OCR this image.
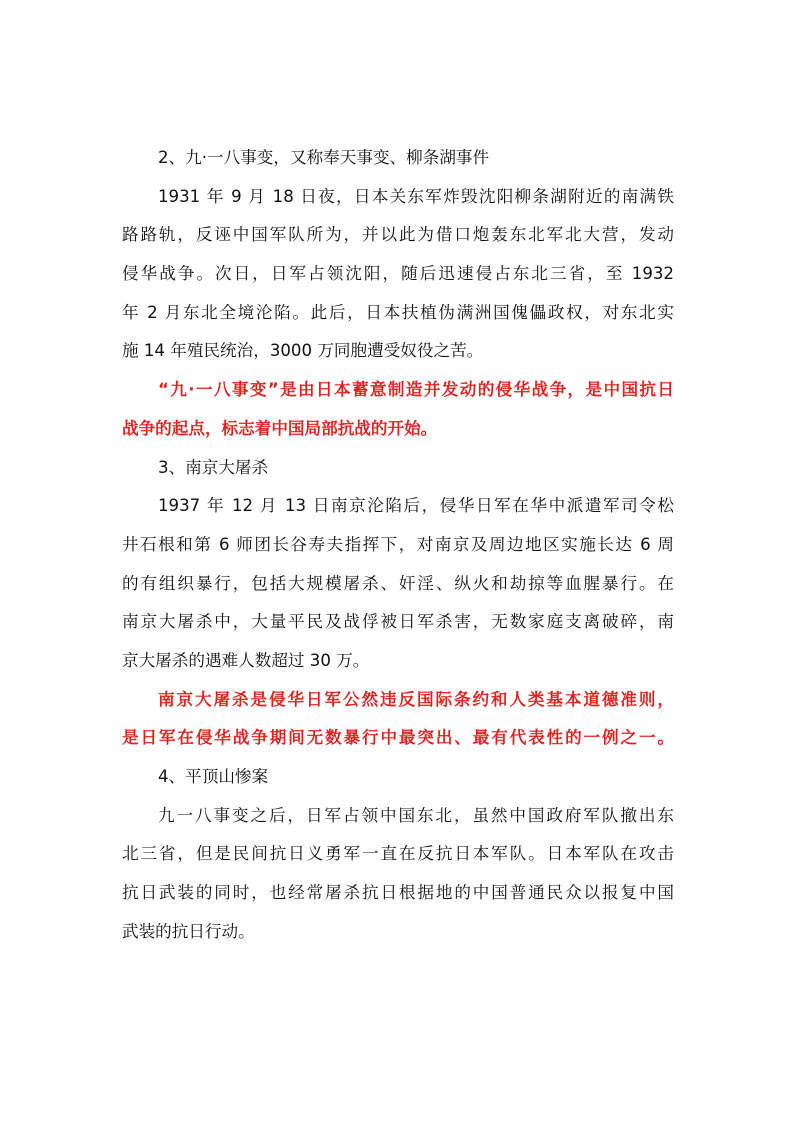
2、九·一八事变，又称奉天事变、柳条湖事件
1931 年 9 月 18 日夜，日本关东军炸毁沈阳柳条湖附近的南满铁
路路轨，反诬中国军队所为，并以此为借口炮轰东北军北大营，发动
侵华战争。次日，日军占领沈阳，随后迅速侵占东北三省，至 1932
年 2 月东北全境沦陷。此后，日本扶植伪满洲国傀儡政权，对东北实
施 14 年殖民统治，3000 万同胞遭受奴役之苦。
“九·一八事变”是由日本蓄意制造并发动的侵华战争，是中国抗日
战争的起点，标志着中国局部抗战的开始。
3、南京大屠杀
1937 年 12 月 13 日南京沦陷后，侵华日军在华中派遣军司令松
井石根和第 6 师团长谷寿夫指挥下，对南京及周边地区实施长达 6 周
的有组织暴行，包括大规模屠杀、奸淫、纵火和劫掠等血腥暴行。在
南京大屠杀中，大量平民及战俘被日军杀害，无数家庭支离破碎，南
京大屠杀的遇难人数超过 30 万。
南京大屠杀是侵华日军公然违反国际条约和人类基本道德准则，
是日军在侵华战争期间无数暴行中最突出、最有代表性的一例之一。
4、平顶山惨案
九一八事变之后，日军占领中国东北，虽然中国政府军队撤出东
北三省，但是民间抗日义勇军一直在反抗日本军队。日本军队在攻击
抗日武装的同时，也经常屠杀抗日根据地的中国普通民众以报复中国
武装的抗日行动。
